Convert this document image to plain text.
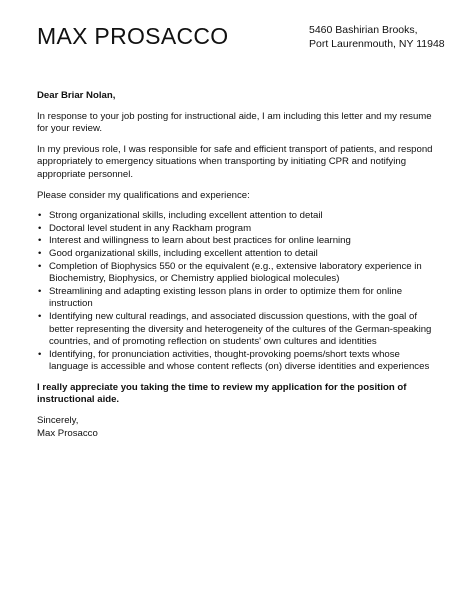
MAX PROSACCO	5460 Bashirian Brooks,
Port Laurenmouth, NY 11948

Dear Briar Nolan,

In response to your job posting for instructional aide, I am including this letter and my resume for your review.

In my previous role, I was responsible for safe and efficient transport of patients, and respond appropriately to emergency situations when transporting by initiating CPR and notifying appropriate personnel.

Please consider my qualifications and experience:

• Strong organizational skills, including excellent attention to detail
• Doctoral level student in any Rackham program
• Interest and willingness to learn about best practices for online learning
• Good organizational skills, including excellent attention to detail
• Completion of Biophysics 550 or the equivalent (e.g., extensive laboratory experience in Biochemistry, Biophysics, or Chemistry applied biological molecules)
• Streamlining and adapting existing lesson plans in order to optimize them for online instruction
• Identifying new cultural readings, and associated discussion questions, with the goal of better representing the diversity and heterogeneity of the cultures of the German-speaking countries, and of promoting reflection on students' own cultures and identities
• Identifying, for pronunciation activities, thought-provoking poems/short texts whose language is accessible and whose content reflects (on) diverse identities and experiences

I really appreciate you taking the time to review my application for the position of instructional aide.

Sincerely,

Max Prosacco
